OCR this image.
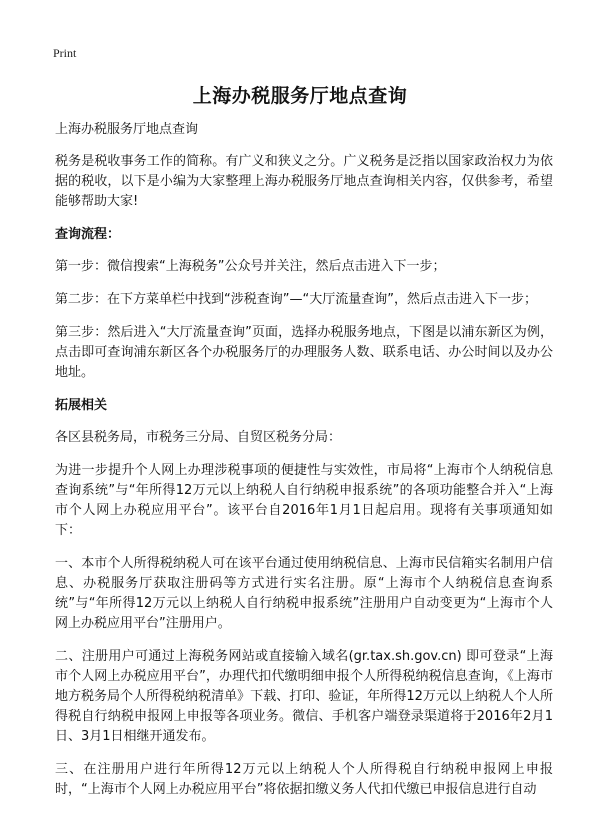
Print
上海办税服务厅地点查询

上海办税服务厅地点查询

税务是税收事务工作的简称。有广义和狭义之分。广义税务是泛指以国家政治权力为依据的税收，以下是小编为大家整理上海办税服务厅地点查询相关内容，仅供参考，希望能够帮助大家!

查询流程：

第一步：微信搜索“上海税务”公众号并关注，然后点击进入下一步；

第二步：在下方菜单栏中找到“涉税查询”—“大厅流量查询”，然后点击进入下一步；

第三步：然后进入“大厅流量查询”页面，选择办税服务地点，下图是以浦东新区为例，点击即可查询浦东新区各个办税服务厅的办理服务人数、联系电话、办公时间以及办公地址。

拓展相关

各区县税务局，市税务三分局、自贸区税务分局：

为进一步提升个人网上办理涉税事项的便捷性与实效性，市局将“上海市个人纳税信息查询系统”与“年所得12万元以上纳税人自行纳税申报系统”的各项功能整合并入“上海市个人网上办税应用平台”。该平台自2016年1月1日起启用。现将有关事项通知如下：

一、本市个人所得税纳税人可在该平台通过使用纳税信息、上海市民信箱实名制用户信息、办税服务厅获取注册码等方式进行实名注册。原“上海市个人纳税信息查询系统”与“年所得12万元以上纳税人自行纳税申报系统”注册用户自动变更为“上海市个人网上办税应用平台”注册用户。

二、注册用户可通过上海税务网站或直接输入域名(gr.tax.sh.gov.cn) 即可登录“上海市个人网上办税应用平台”，办理代扣代缴明细申报个人所得税纳税信息查询，《上海市地方税务局个人所得税纳税清单》下载、打印、验证，年所得12万元以上纳税人个人所得税自行纳税申报网上申报等各项业务。微信、手机客户端登录渠道将于2016年2月1日、3月1日相继开通发布。

三、在注册用户进行年所得12万元以上纳税人个人所得税自行纳税申报网上申报时，“上海市个人网上办税应用平台”将依据扣缴义务人代扣代缴已申报信息进行自动
